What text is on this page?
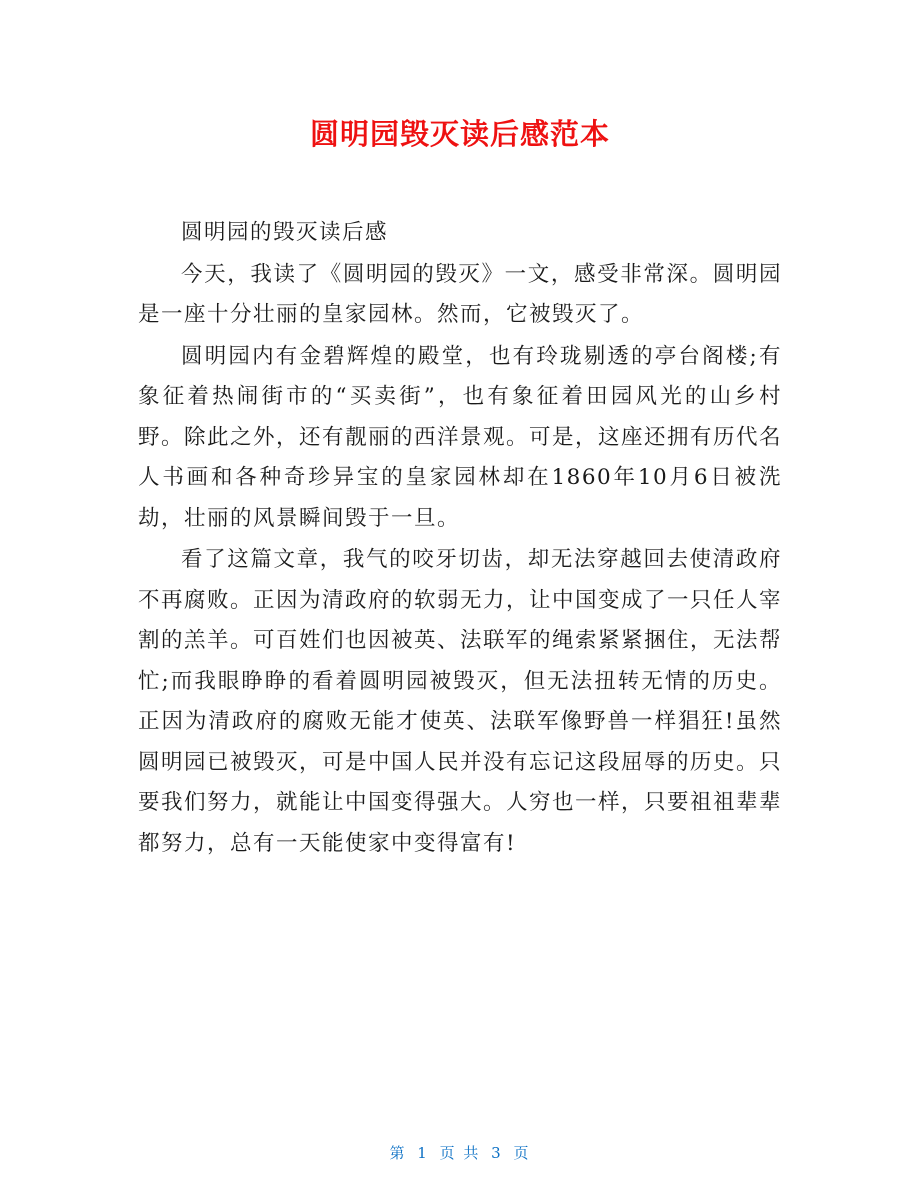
圆明园毁灭读后感范本

圆明园的毁灭读后感

今天，我读了《圆明园的毁灭》一文，感受非常深。圆明园是一座十分壮丽的皇家园林。然而，它被毁灭了。

圆明园内有金碧辉煌的殿堂，也有玲珑剔透的亭台阁楼;有象征着热闹街市的“买卖街”，也有象征着田园风光的山乡村野。除此之外，还有靓丽的西洋景观。可是，这座还拥有历代名人书画和各种奇珍异宝的皇家园林却在1860年10月6日被洗劫，壮丽的风景瞬间毁于一旦。

看了这篇文章，我气的咬牙切齿，却无法穿越回去使清政府不再腐败。正因为清政府的软弱无力，让中国变成了一只任人宰割的羔羊。可百姓们也因被英、法联军的绳索紧紧捆住，无法帮忙;而我眼睁睁的看着圆明园被毁灭，但无法扭转无情的历史。正因为清政府的腐败无能才使英、法联军像野兽一样猖狂!虽然圆明园已被毁灭，可是中国人民并没有忘记这段屈辱的历史。只要我们努力，就能让中国变得强大。人穷也一样，只要祖祖辈辈都努力，总有一天能使家中变得富有!

第 1 页 共 3 页
